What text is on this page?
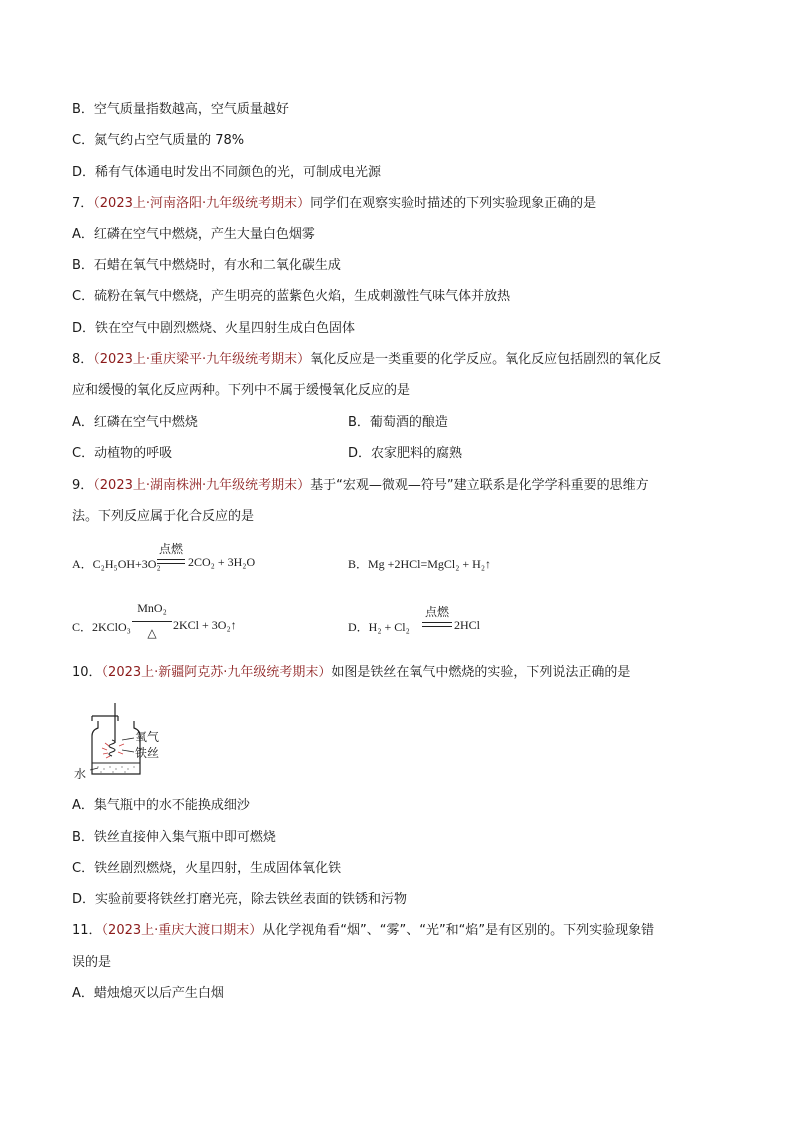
B．空气质量指数越高，空气质量越好
C．氮气约占空气质量的 78%
D．稀有气体通电时发出不同颜色的光，可制成电光源
7．（2023上·河南洛阳·九年级统考期末）同学们在观察实验时描述的下列实验现象正确的是
A．红磷在空气中燃烧，产生大量白色烟雾
B．石蜡在氧气中燃烧时，有水和二氧化碳生成
C．硫粉在氧气中燃烧，产生明亮的蓝紫色火焰，生成刺激性气味气体并放热
D．铁在空气中剧烈燃烧、火星四射生成白色固体
8．（2023上·重庆梁平·九年级统考期末）氧化反应是一类重要的化学反应。氧化反应包括剧烈的氧化反
应和缓慢的氧化反应两种。下列中不属于缓慢氧化反应的是
A．红磷在空气中燃烧	B．葡萄酒的酿造
C．动植物的呼吸	D．农家肥料的腐熟
9．（2023上·湖南株洲·九年级统考期末）基于“宏观—微观—符号”建立联系是化学学科重要的思维方
法。下列反应属于化合反应的是
A．C₂H₅OH+3O₂
点燃
2CO₂ + 3H₂O	B．Mg +2HCl=MgCl₂ + H₂↑
C．2KClO₃
MnO₂
△
2KCl + 3O₂↑	D．H₂ + Cl₂
点燃
2HCl
10．（2023上·新疆阿克苏·九年级统考期末）如图是铁丝在氧气中燃烧的实验，下列说法正确的是
氧气
铁丝
水
A．集气瓶中的水不能换成细沙
B．铁丝直接伸入集气瓶中即可燃烧
C．铁丝剧烈燃烧，火星四射，生成固体氧化铁
D．实验前要将铁丝打磨光亮，除去铁丝表面的铁锈和污物
11．（2023上·重庆大渡口期末）从化学视角看“烟”、“雾”、“光”和“焰”是有区别的。下列实验现象错
误的是
A．蜡烛熄灭以后产生白烟
